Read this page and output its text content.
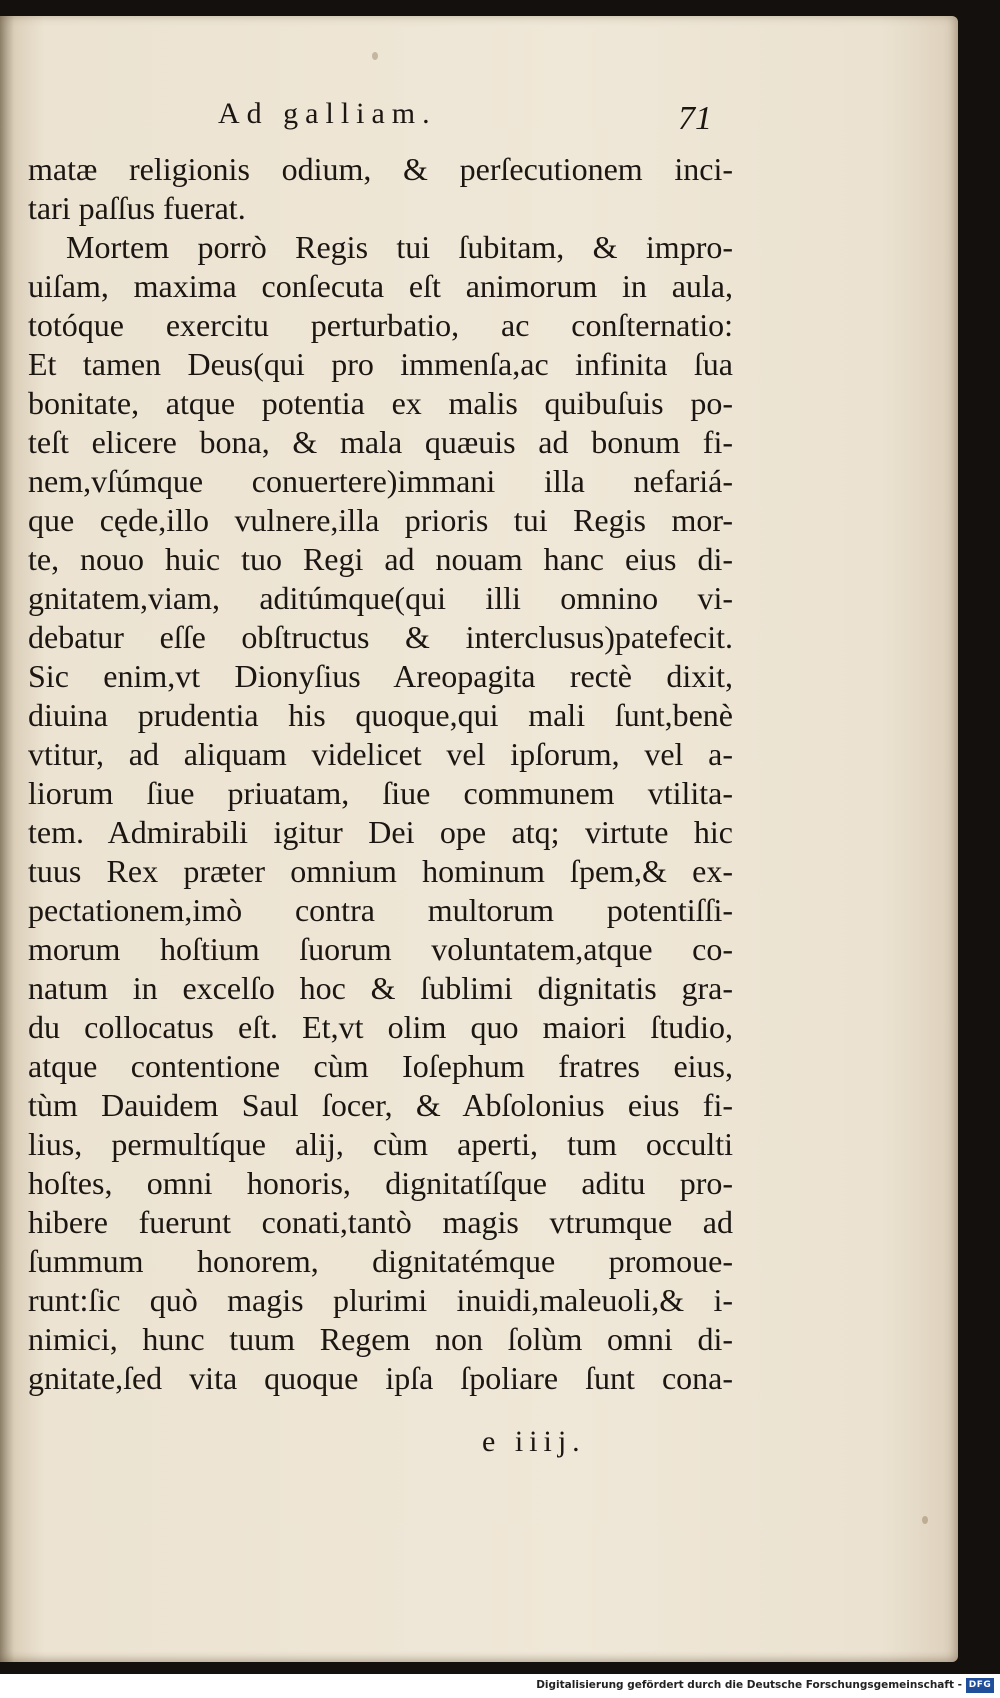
Ad galliam.	71
matæ religionis odium, & perſecutionem inci-
tari paſſus fuerat.
Mortem porrò Regis tui ſubitam, & impro-
uiſam, maxima conſecuta eſt animorum in aula,
totóque exercitu perturbatio, ac conſternatio:
Et tamen Deus(qui pro immenſa,ac infinita ſua
bonitate, atque potentia ex malis quibuſuis po-
teſt elicere bona, & mala quæuis ad bonum fi-
nem,vſúmque conuertere)immani illa nefariá-
que cęde,illo vulnere,illa prioris tui Regis mor-
te, nouo huic tuo Regi ad nouam hanc eius di-
gnitatem,viam, aditúmque(qui illi omnino vi-
debatur eſſe obſtructus & interclusus)patefecit.
Sic enim,vt Dionyſius Areopagita rectè dixit,
diuina prudentia his quoque,qui mali ſunt,benè
vtitur, ad aliquam videlicet vel ipſorum, vel a-
liorum ſiue priuatam, ſiue communem vtilita-
tem. Admirabili igitur Dei ope atq; virtute hic
tuus Rex præter omnium hominum ſpem,& ex-
pectationem,imò contra multorum potentiſſi-
morum hoſtium ſuorum voluntatem,atque co-
natum in excelſo hoc & ſublimi dignitatis gra-
du collocatus eſt. Et,vt olim quo maiori ſtudio,
atque contentione cùm Ioſephum fratres eius,
tùm Dauidem Saul ſocer, & Abſolonius eius fi-
lius, permultíque alij, cùm aperti, tum occulti
hoſtes, omni honoris, dignitatíſque aditu pro-
hibere fuerunt conati,tantò magis vtrumque ad
ſummum honorem, dignitatémque promoue-
runt:ſic quò magis plurimi inuidi,maleuoli,& i-
nimici, hunc tuum Regem non ſolùm omni di-
gnitate,ſed vita quoque ipſa ſpoliare ſunt cona-
e iiij.
Digitalisierung gefördert durch die Deutsche Forschungsgemeinschaft - DFG
